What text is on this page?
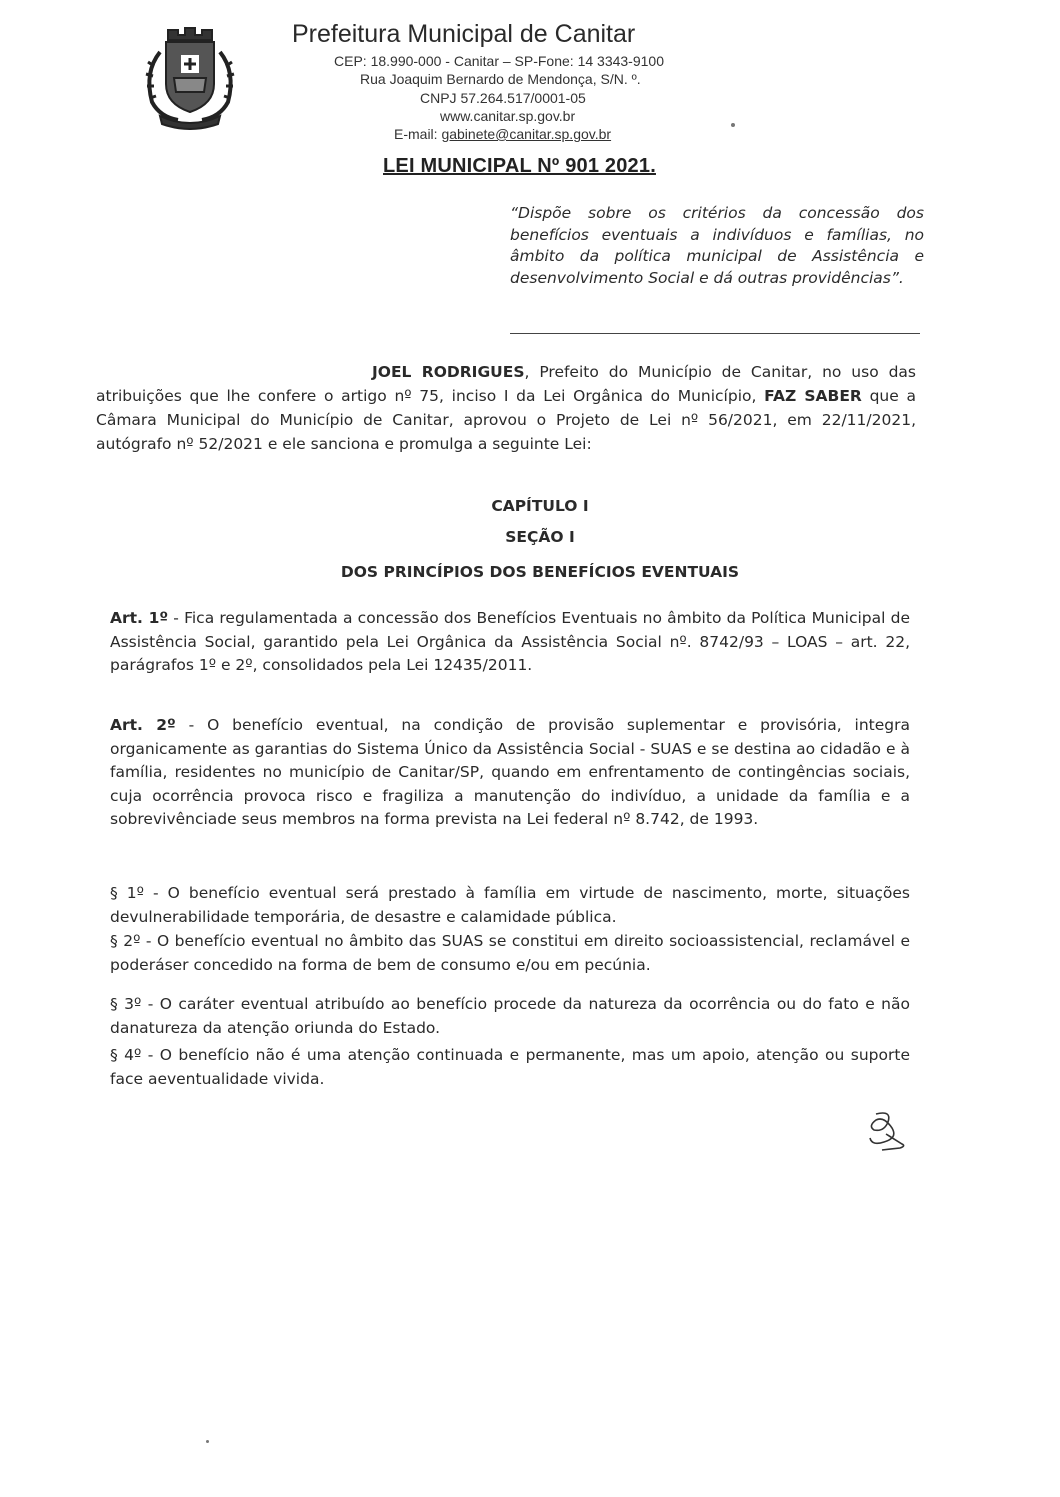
Prefeitura Municipal de Canitar
CEP: 18.990-000 - Canitar – SP-Fone: 14 3343-9100
Rua Joaquim Bernardo de Mendonça, S/N. º.
CNPJ 57.264.517/0001-05
www.canitar.sp.gov.br
E-mail: gabinete@canitar.sp.gov.br
LEI MUNICIPAL Nº 901 2021.
“Dispõe sobre os critérios da concessão dos benefícios eventuais a indivíduos e famílias, no âmbito da política municipal de Assistência e desenvolvimento Social e dá outras providências”.
JOEL RODRIGUES, Prefeito do Município de Canitar, no uso das atribuições que lhe confere o artigo nº 75, inciso I da Lei Orgânica do Município, FAZ SABER que a Câmara Municipal do Município de Canitar, aprovou o Projeto de Lei nº 56/2021, em 22/11/2021, autógrafo nº 52/2021 e ele sanciona e promulga a seguinte Lei:
CAPÍTULO I
SEÇÃO I
DOS PRINCÍPIOS DOS BENEFÍCIOS EVENTUAIS
Art. 1º - Fica regulamentada a concessão dos Benefícios Eventuais no âmbito da Política Municipal de Assistência Social, garantido pela Lei Orgânica da Assistência Social nº. 8742/93 – LOAS – art. 22, parágrafos 1º e 2º, consolidados pela Lei 12435/2011.
Art. 2º - O benefício eventual, na condição de provisão suplementar e provisória, integra organicamente as garantias do Sistema Único da Assistência Social - SUAS e se destina ao cidadão e à família, residentes no município de Canitar/SP, quando em enfrentamento de contingências sociais, cuja ocorrência provoca risco e fragiliza a manutenção do indivíduo, a unidade da família e a sobrevivênciade seus membros na forma prevista na Lei federal nº 8.742, de 1993.
§ 1º - O benefício eventual será prestado à família em virtude de nascimento, morte, situações devulnerabilidade temporária, de desastre e calamidade pública.
§ 2º - O benefício eventual no âmbito das SUAS se constitui em direito socioassistencial, reclamável e poderáser concedido na forma de bem de consumo e/ou em pecúnia.
§ 3º - O caráter eventual atribuído ao benefício procede da natureza da ocorrência ou do fato e não danatureza da atenção oriunda do Estado.
§ 4º - O benefício não é uma atenção continuada e permanente, mas um apoio, atenção ou suporte face aeventualidade vivida.
